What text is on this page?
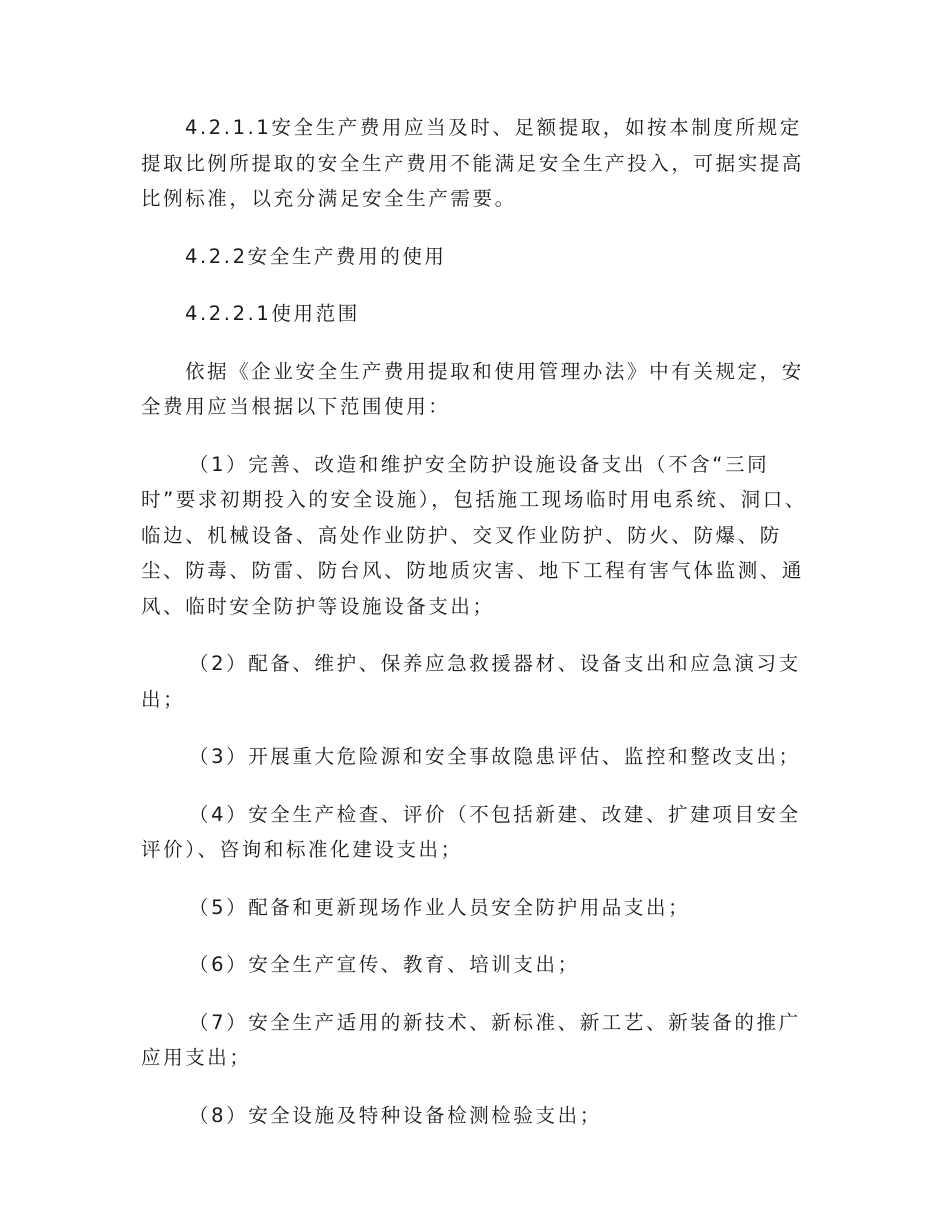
4.2.1.1安全生产费用应当及时、足额提取，如按本制度所规定提取比例所提取的安全生产费用不能满足安全生产投入，可据实提高比例标准，以充分满足安全生产需要。

4.2.2安全生产费用的使用

4.2.2.1使用范围

依据《企业安全生产费用提取和使用管理办法》中有关规定，安全费用应当根据以下范围使用：

（1）完善、改造和维护安全防护设施设备支出（不含“三同时”要求初期投入的安全设施），包括施工现场临时用电系统、洞口、临边、机械设备、高处作业防护、交叉作业防护、防火、防爆、防尘、防毒、防雷、防台风、防地质灾害、地下工程有害气体监测、通风、临时安全防护等设施设备支出；

（2）配备、维护、保养应急救援器材、设备支出和应急演习支出；

（3）开展重大危险源和安全事故隐患评估、监控和整改支出；

（4）安全生产检查、评价（不包括新建、改建、扩建项目安全评价）、咨询和标准化建设支出；

（5）配备和更新现场作业人员安全防护用品支出；

（6）安全生产宣传、教育、培训支出；

（7）安全生产适用的新技术、新标准、新工艺、新装备的推广应用支出；

（8）安全设施及特种设备检测检验支出；
